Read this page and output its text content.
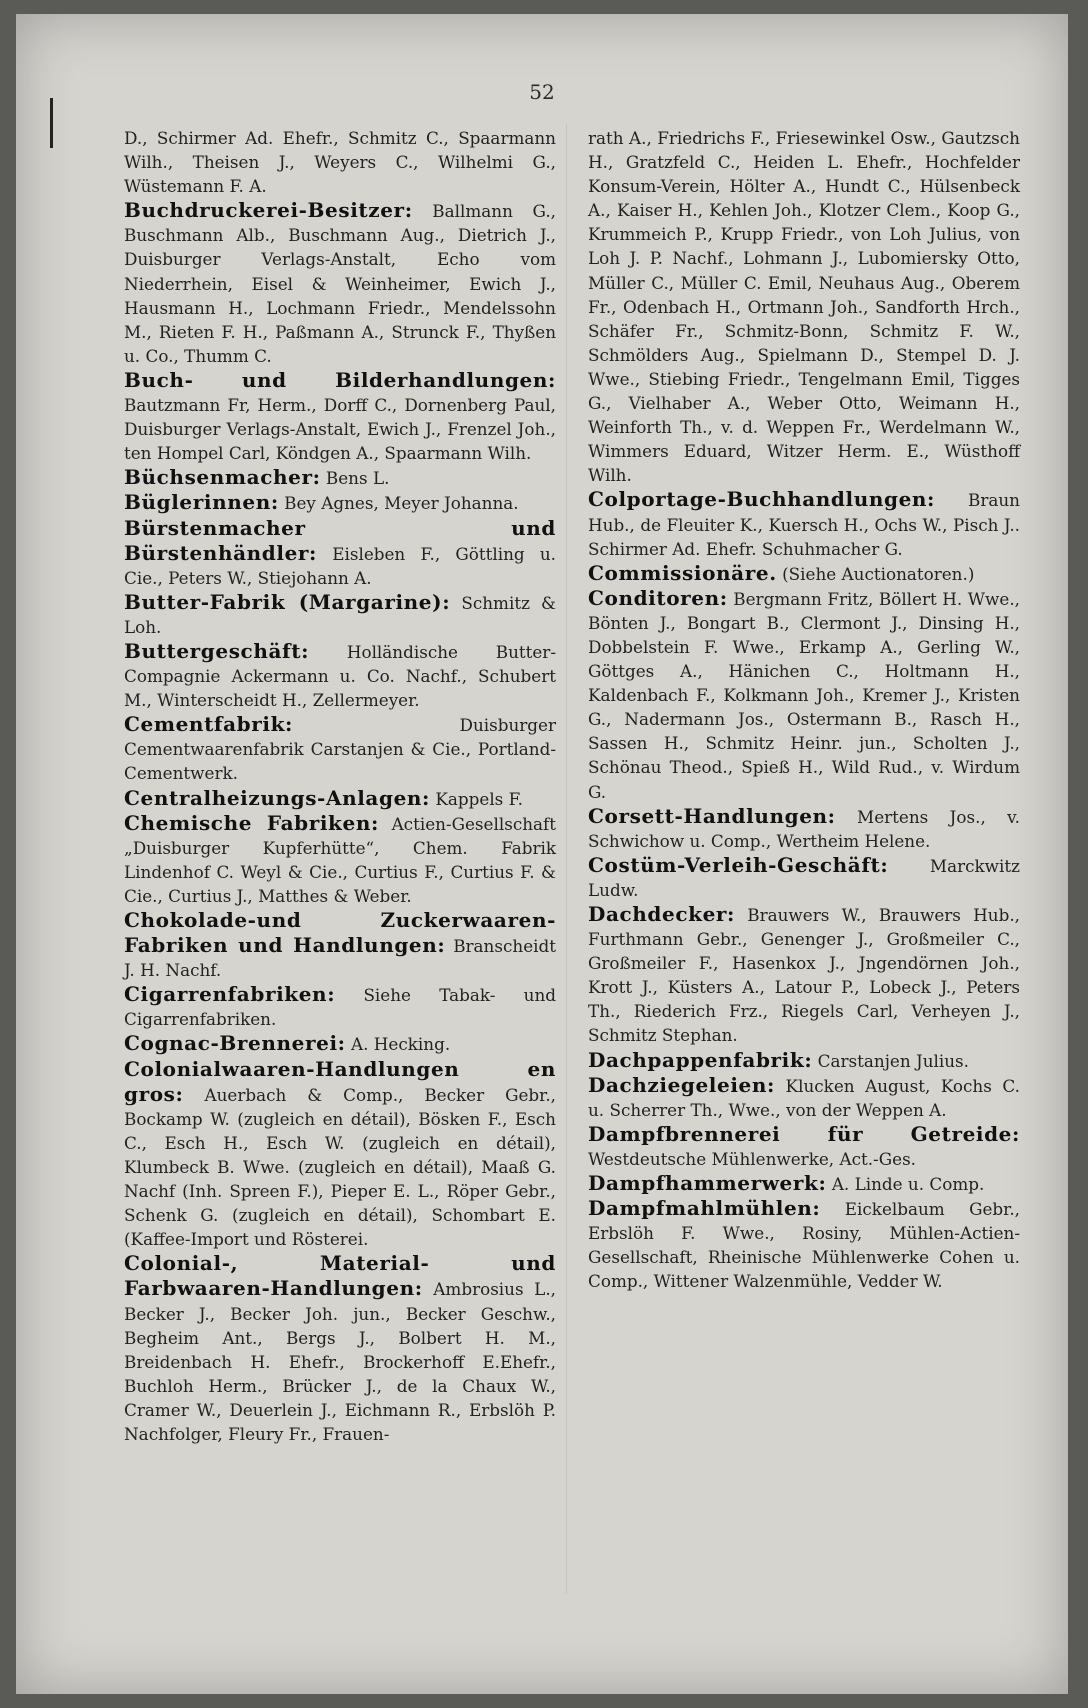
52

D., Schirmer Ad. Ehefr., Schmitz C., Spaarmann Wilh., Theisen J., Weyers C., Wilhelmi G., Wüstemann F. A.

Buchdruckerei-Besitzer: Ballmann G., Buschmann Alb., Buschmann Aug., Dietrich J., Duisburger Verlags-Anstalt, Echo vom Niederrhein, Eisel & Weinheimer, Ewich J., Hausmann H., Lochmann Friedr., Mendelssohn M., Rieten F. H., Paßmann A., Strunck F., Thyßen u. Co., Thumm C.

Buch- und Bilderhandlungen: Bautzmann Fr, Herm., Dorff C., Dornenberg Paul, Duisburger Verlags-Anstalt, Ewich J., Frenzel Joh., ten Hompel Carl, Köndgen A., Spaarmann Wilh.

Büchsenmacher: Bens L.

Büglerinnen: Bey Agnes, Meyer Johanna.

Bürstenmacher und Bürstenhändler: Eisleben F., Göttling u. Cie., Peters W., Stiejohann A.

Butter-Fabrik (Margarine): Schmitz & Loh.

Buttergeschäft: Holländische Butter-Compagnie Ackermann u. Co. Nachf., Schubert M., Winterscheidt H., Zellermeyer.

Cementfabrik:	Duisburger Cementwaarenfabrik Carstanjen & Cie., Portland-Cementwerk.

Centralheizungs-Anlagen: Kappels F.

Chemische Fabriken: Actien-Gesellschaft „Duisburger Kupferhütte“, Chem. Fabrik Lindenhof C. Weyl & Cie., Curtius F., Curtius F. & Cie., Curtius J., Matthes & Weber.

Chokolade-und Zuckerwaaren-Fabriken und Handlungen: Branscheidt J. H. Nachf.

Cigarrenfabriken: Siehe Tabak- und Cigarrenfabriken.

Cognac-Brennerei: A. Hecking.

Colonialwaaren-Handlungen en gros: Auerbach & Comp., Becker Gebr., Bockamp W. (zugleich en détail), Bösken F., Esch C., Esch H., Esch W. (zugleich en détail), Klumbeck B. Wwe. (zugleich en détail), Maaß G. Nachf (Inh. Spreen F.), Pieper E. L., Röper Gebr., Schenk G. (zugleich en détail), Schombart E. (Kaffee-Import und Rösterei.

Colonial-, Material- und Farbwaaren-Handlungen: Ambrosius L., Becker J., Becker Joh. jun., Becker Geschw., Begheim Ant., Bergs J., Bolbert H. M., Breidenbach H. Ehefr., Brockerhoff E.Ehefr., Buchloh Herm., Brücker J., de la Chaux W., Cramer W., Deuerlein J., Eichmann R., Erbslöh P. Nachfolger, Fleury Fr., Frauen-

rath A., Friedrichs F., Friesewinkel Osw., Gautzsch H., Gratzfeld C., Heiden L. Ehefr., Hochfelder Konsum-Verein, Hölter A., Hundt C., Hülsenbeck A., Kaiser H., Kehlen Joh., Klotzer Clem., Koop G., Krummeich P., Krupp Friedr., von Loh Julius, von Loh J. P. Nachf., Lohmann J., Lubomiersky Otto, Müller C., Müller C. Emil, Neuhaus Aug., Oberem Fr., Odenbach H., Ortmann Joh., Sandforth Hrch., Schäfer Fr., Schmitz-Bonn, Schmitz F. W., Schmölders Aug., Spielmann D., Stempel D. J. Wwe., Stiebing Friedr., Tengelmann Emil, Tigges G., Vielhaber A., Weber Otto, Weimann H., Weinforth Th., v. d. Weppen Fr., Werdelmann W., Wimmers Eduard, Witzer Herm. E., Wüsthoff Wilh.

Colportage-Buchhandlungen: Braun Hub., de Fleuiter K., Kuersch H., Ochs W., Pisch J.. Schirmer Ad. Ehefr. Schuhmacher G.

Commissionäre. (Siehe Auctionatoren.)

Conditoren: Bergmann Fritz, Böllert H. Wwe., Bönten J., Bongart B., Clermont J., Dinsing H., Dobbelstein F. Wwe., Erkamp A., Gerling W., Göttges A., Hänichen C., Holtmann H., Kaldenbach F., Kolkmann Joh., Kremer J., Kristen G., Nadermann Jos., Ostermann B., Rasch H., Sassen H., Schmitz Heinr. jun., Scholten J., Schönau Theod., Spieß H., Wild Rud., v. Wirdum G.

Corsett-Handlungen: Mertens Jos., v. Schwichow u. Comp., Wertheim Helene.

Costüm-Verleih-Geschäft: Marckwitz Ludw.

Dachdecker: Brauwers W., Brauwers Hub., Furthmann Gebr., Genenger J., Großmeiler C., Großmeiler F., Hasenkox J., Jngendörnen Joh., Krott J., Küsters A., Latour P., Lobeck J., Peters Th., Riederich Frz., Riegels Carl, Verheyen J., Schmitz Stephan.

Dachpappenfabrik: Carstanjen Julius.

Dachziegeleien: Klucken August, Kochs C. u. Scherrer Th., Wwe., von der Weppen A.

Dampfbrennerei für Getreide: Westdeutsche Mühlenwerke, Act.-Ges.

Dampfhammerwerk: A. Linde u. Comp.

Dampfmahlmühlen: Eickelbaum Gebr., Erbslöh F. Wwe., Rosiny, Mühlen-Actien-Gesellschaft, Rheinische Mühlenwerke Cohen u. Comp., Wittener Walzenmühle, Vedder W.
